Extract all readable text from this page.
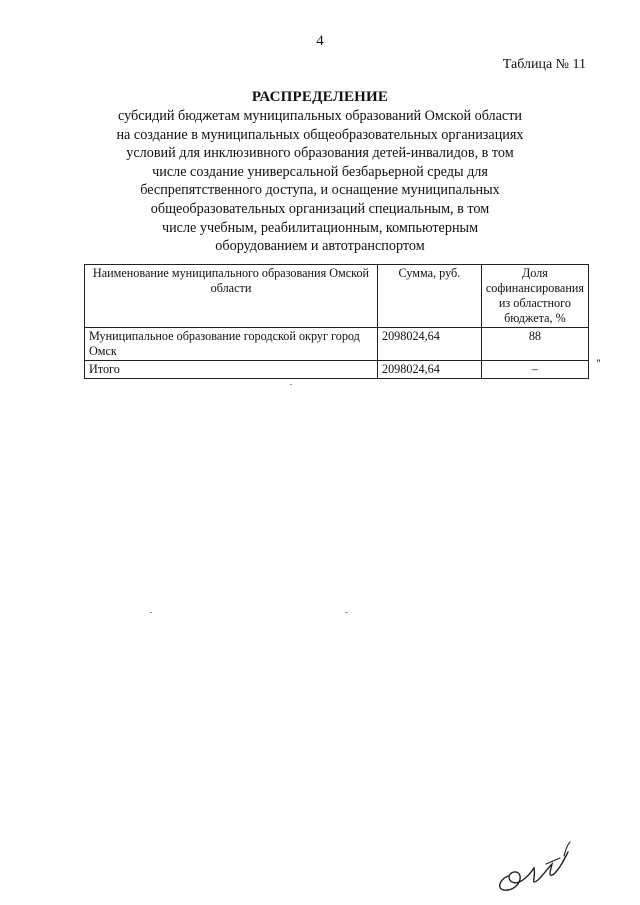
4
Таблица № 11
РАСПРЕДЕЛЕНИЕ
субсидий бюджетам муниципальных образований Омской области
на создание в муниципальных общеобразовательных организациях
условий для инклюзивного образования детей-инвалидов, в том
числе создание универсальной безбарьерной среды для
беспрепятственного доступа, и оснащение муниципальных
общеобразовательных организаций специальным, в том
числе учебным, реабилитационным, компьютерным
оборудованием и автотранспортом
Наименование муниципального образования Омской области	Сумма, руб.	Доля софинансирования из областного бюджета, %
Муниципальное образование городской округ город Омск	2098024,64	88
Итого	2098024,64	–	"
